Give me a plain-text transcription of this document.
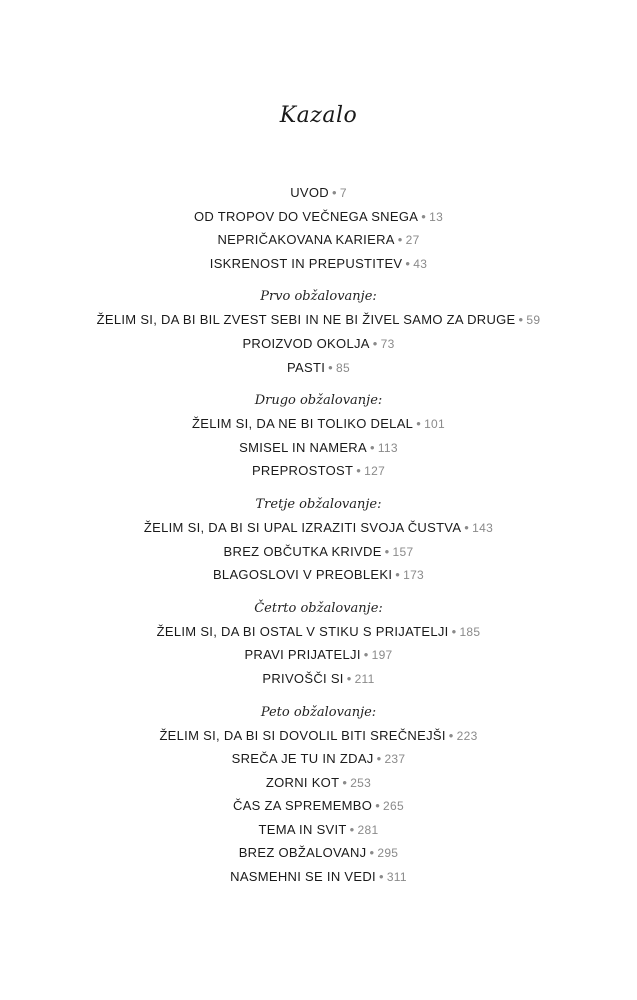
Kazalo
UVOD • 7
OD TROPOV DO VEČNEGA SNEGA • 13
NEPRIČAKOVANA KARIERA • 27
ISKRENOST IN PREPUSTITEV • 43
Prvo obžalovanje:
ŽELIM SI, DA BI BIL ZVEST SEBI IN NE BI ŽIVEL SAMO ZA DRUGE • 59
PROIZVOD OKOLJA • 73
PASTI • 85
Drugo obžalovanje:
ŽELIM SI, DA NE BI TOLIKO DELAL • 101
SMISEL IN NAMERA • 113
PREPROSTOST • 127
Tretje obžalovanje:
ŽELIM SI, DA BI SI UPAL IZRAZITI SVOJA ČUSTVA • 143
BREZ OBČUTKA KRIVDE • 157
BLAGOSLOVI V PREOBLEKI • 173
Četrto obžalovanje:
ŽELIM SI, DA BI OSTAL V STIKU S PRIJATELJI • 185
PRAVI PRIJATELJI • 197
PRIVOŠČI SI • 211
Peto obžalovanje:
ŽELIM SI, DA BI SI DOVOLIL BITI SREČNEJŠI • 223
SREČA JE TU IN ZDAJ • 237
ZORNI KOT • 253
ČAS ZA SPREMEMBO • 265
TEMA IN SVIT • 281
BREZ OBŽALOVANJ • 295
NASMEHNI SE IN VEDI • 311
